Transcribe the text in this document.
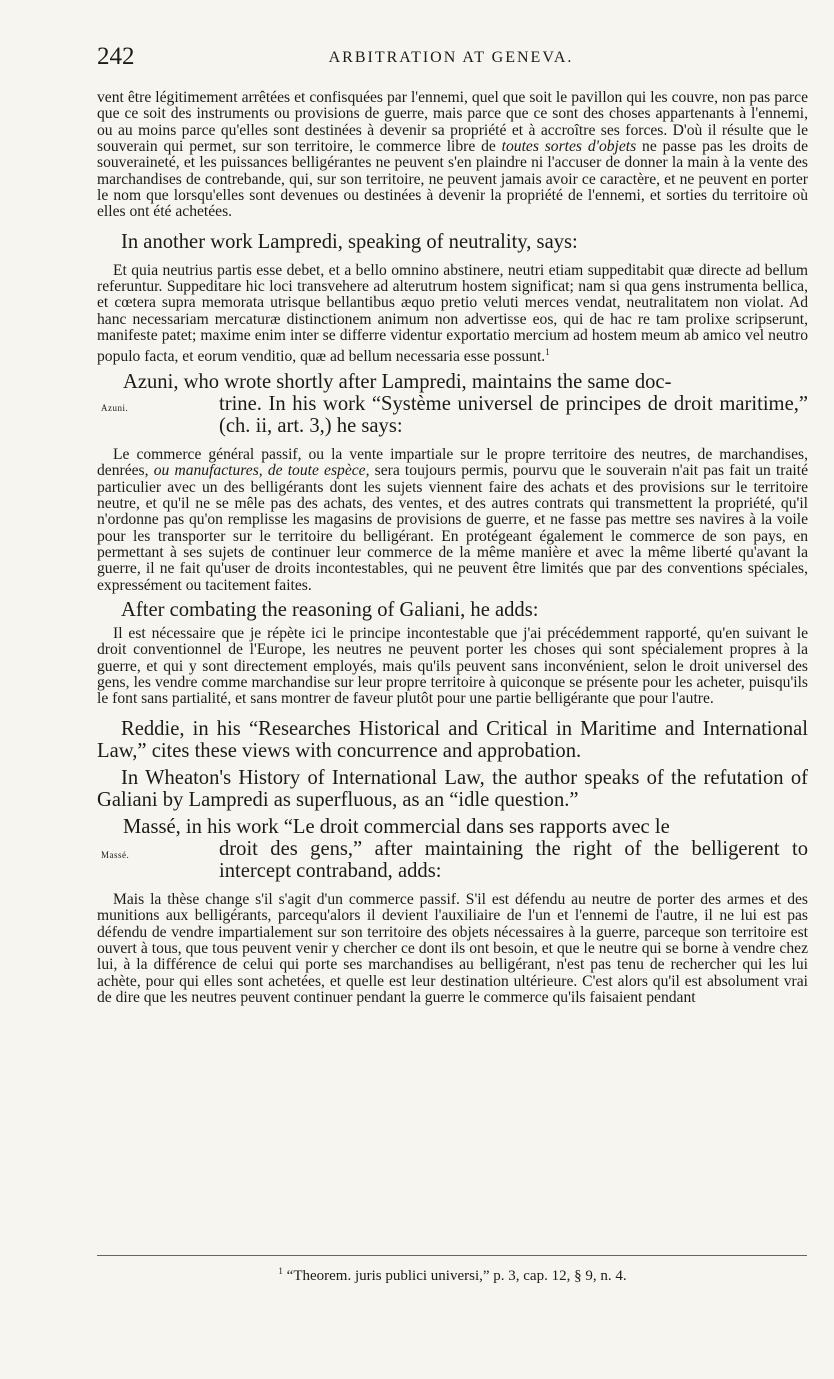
242	ARBITRATION AT GENEVA.

vent être légitimement arrêtées et confisquées par l'ennemi, quel que soit le pavillon qui les couvre, non pas parce que ce soit des instruments ou provisions de guerre, mais parce que ce sont des choses appartenants à l'ennemi, ou au moins parce qu'elles sont destinées à devenir sa propriété et à accroître ses forces. D'où il résulte que le souverain qui permet, sur son territoire, le commerce libre de toutes sortes d'objets ne passe pas les droits de souveraineté, et les puissances belligérantes ne peuvent s'en plaindre ni l'accuser de donner la main à la vente des marchandises de contrebande, qui, sur son territoire, ne peuvent jamais avoir ce caractère, et ne peuvent en porter le nom que lorsqu'elles sont devenues ou destinées à devenir la propriété de l'ennemi, et sorties du territoire où elles ont été achetées.

In another work Lampredi, speaking of neutrality, says:

Et quia neutrius partis esse debet, et a bello omnino abstinere, neutri etiam suppeditabit quæ directe ad bellum referuntur. Suppeditare hic loci transvehere ad alterutrum hostem significat; nam si qua gens instrumenta bellica, et cœtera supra memorata utrisque bellantibus æquo pretio veluti merces vendat, neutralitatem non violat. Ad hanc necessariam mercaturæ distinctionem animum non advertisse eos, qui de hac re tam prolixe scripserunt, manifeste patet; maxime enim inter se differre videntur exportatio mercium ad hostem meum ab amico vel neutro populo facta, et eorum venditio, quæ ad bellum necessaria esse possunt.$^1$

Azuni, who wrote shortly after Lampredi, maintains the same doc-

Azuni.	trine. In his work “Système universel de principes de droit maritime,” (ch. ii, art. 3,) he says:

Le commerce général passif, ou la vente impartiale sur le propre territoire des neutres, de marchandises, denrées, ou manufactures, de toute espèce, sera toujours permis, pourvu que le souverain n'ait pas fait un traité particulier avec un des belligérants dont les sujets viennent faire des achats et des provisions sur le territoire neutre, et qu'il ne se mêle pas des achats, des ventes, et des autres contrats qui transmettent la propriété, qu'il n'ordonne pas qu'on remplisse les magasins de provisions de guerre, et ne fasse pas mettre ses navires à la voile pour les transporter sur le territoire du belligérant. En protégeant également le commerce de son pays, en permettant à ses sujets de continuer leur commerce de la même manière et avec la même liberté qu'avant la guerre, il ne fait qu'user de droits incontestables, qui ne peuvent être limités que par des conventions spéciales, expressément ou tacitement faites.

After combating the reasoning of Galiani, he adds:

Il est nécessaire que je répète ici le principe incontestable que j'ai précédemment rapporté, qu'en suivant le droit conventionnel de l'Europe, les neutres ne peuvent porter les choses qui sont spécialement propres à la guerre, et qui y sont directement employés, mais qu'ils peuvent sans inconvénient, selon le droit universel des gens, les vendre comme marchandise sur leur propre territoire à quiconque se présente pour les acheter, puisqu'ils le font sans partialité, et sans montrer de faveur plutôt pour une partie belligérante que pour l'autre.

Reddie, in his “Researches Historical and Critical in Maritime and International Law,” cites these views with concurrence and approbation.

In Wheaton's History of International Law, the author speaks of the refutation of Galiani by Lampredi as superfluous, as an “idle question.”

Massé, in his work “Le droit commercial dans ses rapports avec le

Massé.	droit des gens,” after maintaining the right of the belligerent to intercept contraband, adds:

Mais la thèse change s'il s'agit d'un commerce passif. S'il est défendu au neutre de porter des armes et des munitions aux belligérants, parcequ'alors il devient l'auxiliaire de l'un et l'ennemi de l'autre, il ne lui est pas défendu de vendre impartialement sur son territoire des objets nécessaires à la guerre, parceque son territoire est ouvert à tous, que tous peuvent venir y chercher ce dont ils ont besoin, et que le neutre qui se borne à vendre chez lui, à la différence de celui qui porte ses marchandises au belligérant, n'est pas tenu de rechercher qui les lui achète, pour qui elles sont achetées, et quelle est leur destination ultérieure. C'est alors qu'il est absolument vrai de dire que les neutres peuvent continuer pendant la guerre le commerce qu'ils faisaient pendant

$^1$ “Theorem. juris publici universi,” p. 3, cap. 12, § 9, n. 4.
